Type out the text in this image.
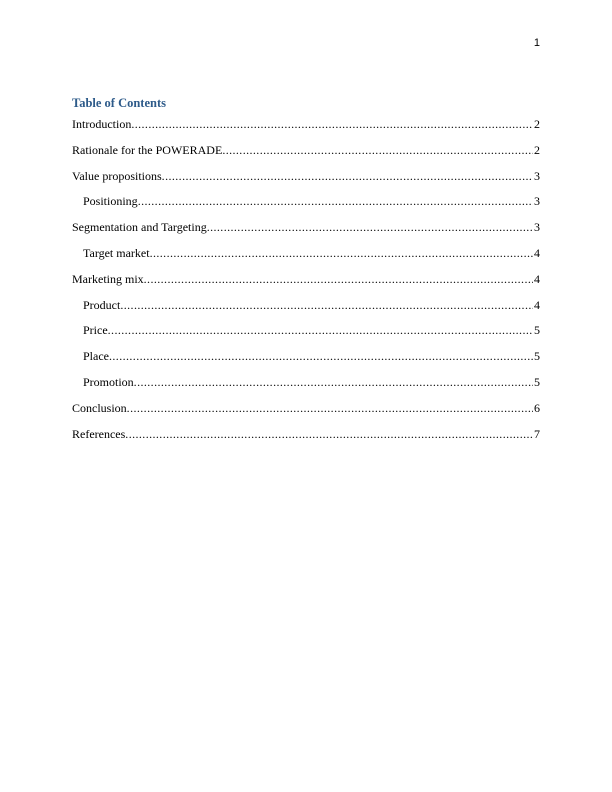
1
Table of Contents
Introduction .....	2
Rationale for the POWERADE .....	2
Value propositions .....	3
Positioning .....	3
Segmentation and Targeting .....	3
Target market .....	4
Marketing mix .....	4
Product .....	4
Price .....	5
Place .....	5
Promotion .....	5
Conclusion .....	6
References .....	7
